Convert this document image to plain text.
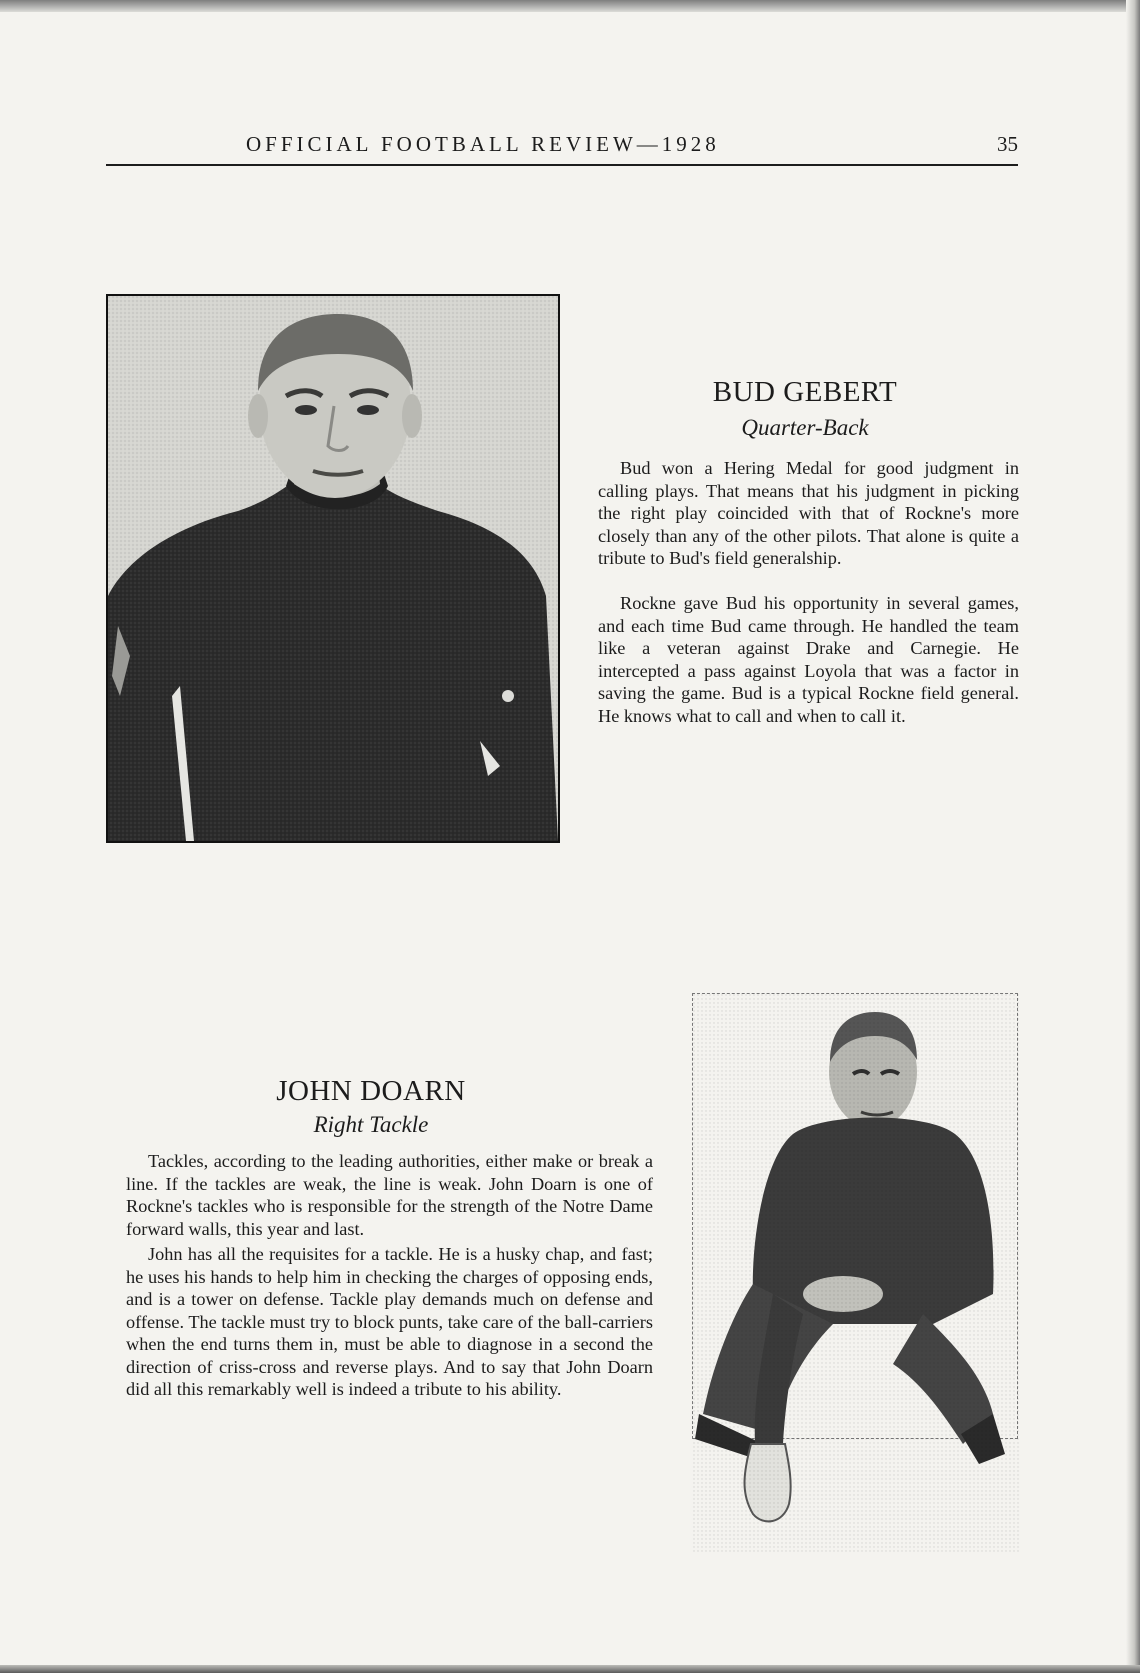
OFFICIAL FOOTBALL REVIEW—1928	35
BUD GEBERT
Quarter-Back

Bud won a Hering Medal for good judgment in calling plays. That means that his judgment in picking the right play coincided with that of Rockne's more closely than any of the other pilots. That alone is quite a tribute to Bud's field generalship.

Rockne gave Bud his opportunity in several games, and each time Bud came through. He handled the team like a veteran against Drake and Carnegie. He intercepted a pass against Loyola that was a factor in saving the game. Bud is a typical Rockne field general. He knows what to call and when to call it.

JOHN DOARN
Right Tackle

Tackles, according to the leading authorities, either make or break a line. If the tackles are weak, the line is weak. John Doarn is one of Rockne's tackles who is responsible for the strength of the Notre Dame forward walls, this year and last.

John has all the requisites for a tackle. He is a husky chap, and fast; he uses his hands to help him in checking the charges of opposing ends, and is a tower on defense. Tackle play demands much on defense and offense. The tackle must try to block punts, take care of the ball-carriers when the end turns them in, must be able to diagnose in a second the direction of criss-cross and reverse plays. And to say that John Doarn did all this remarkably well is indeed a tribute to his ability.
